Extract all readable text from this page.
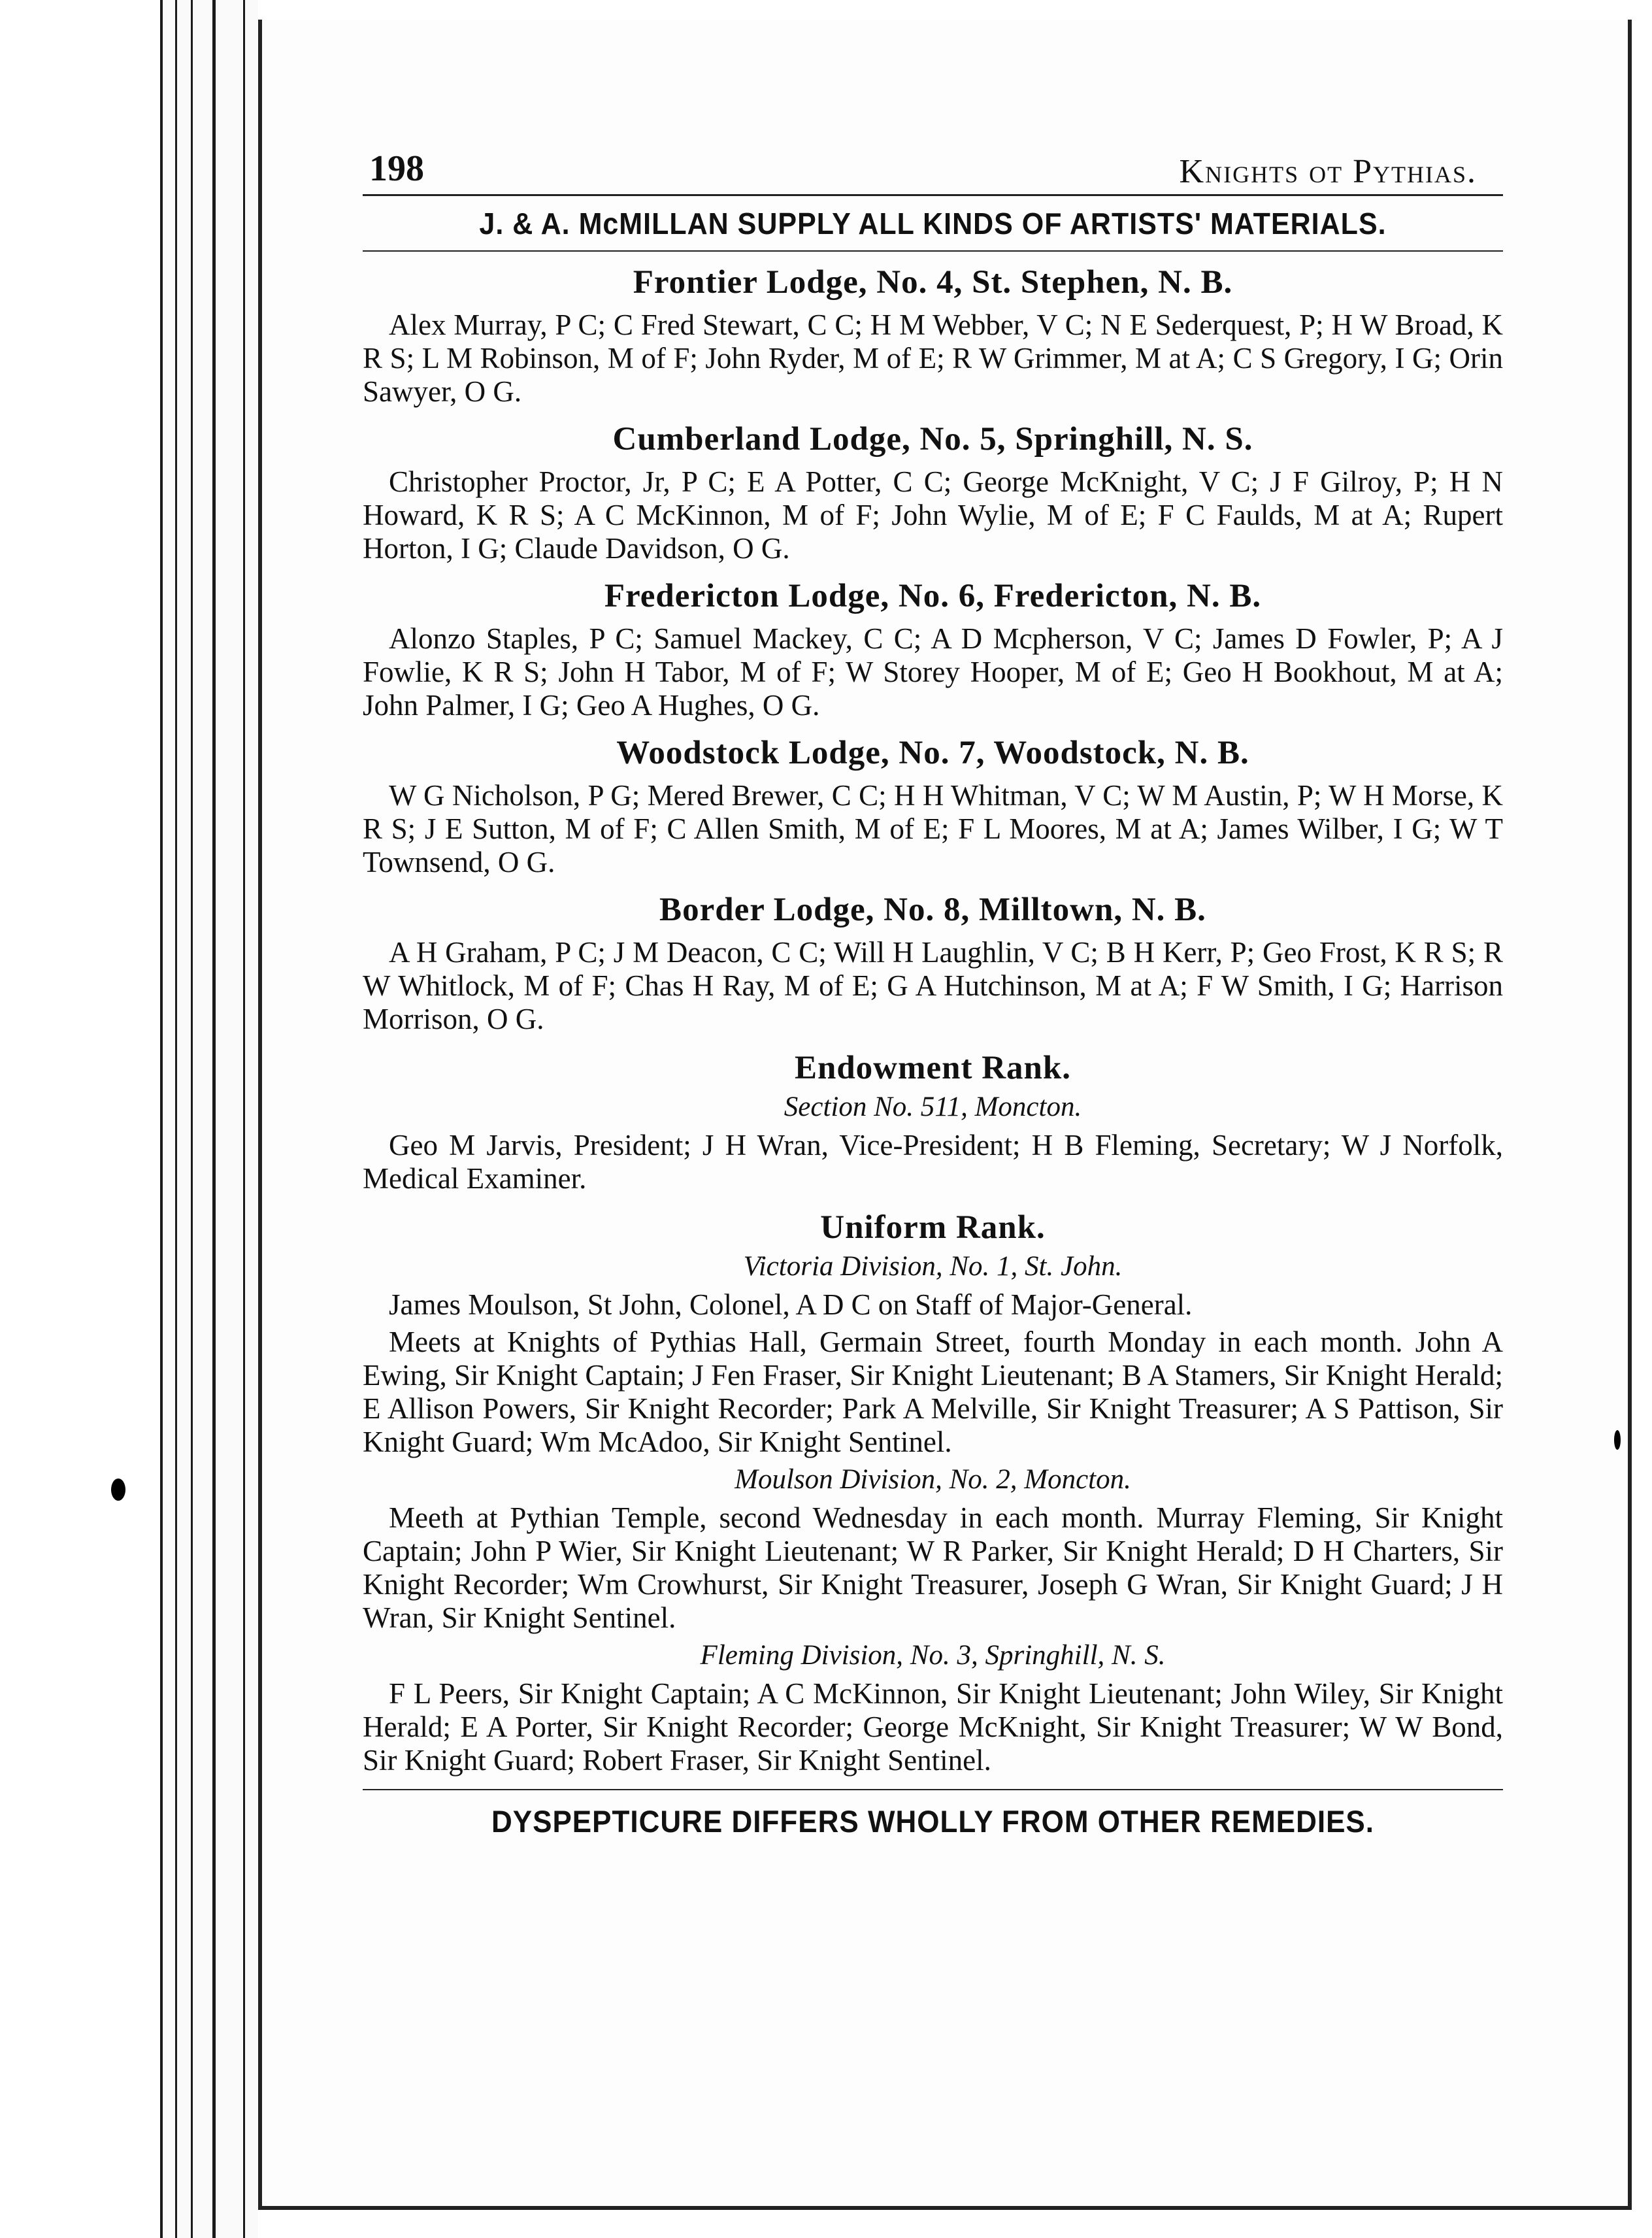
198	Knights ot Pythias.
J. & A. McMILLAN SUPPLY ALL KINDS OF ARTISTS' MATERIALS.
Frontier Lodge, No. 4, St. Stephen, N. B.

Alex Murray, P C; C Fred Stewart, C C; H M Webber, V C; N E Sederquest, P; H W Broad, K R S; L M Robinson, M of F; John Ryder, M of E; R W Grimmer, M at A; C S Gregory, I G; Orin Sawyer, O G.

Cumberland Lodge, No. 5, Springhill, N. S.

Christopher Proctor, Jr, P C; E A Potter, C C; George McKnight, V C; J F Gilroy, P; H N Howard, K R S; A C McKinnon, M of F; John Wylie, M of E; F C Faulds, M at A; Rupert Horton, I G; Claude Davidson, O G.

Fredericton Lodge, No. 6, Fredericton, N. B.

Alonzo Staples, P C; Samuel Mackey, C C; A D Mcpherson, V C; James D Fowler, P; A J Fowlie, K R S; John H Tabor, M of F; W Storey Hooper, M of E; Geo H Bookhout, M at A; John Palmer, I G; Geo A Hughes, O G.

Woodstock Lodge, No. 7, Woodstock, N. B.

W G Nicholson, P G; Mered Brewer, C C; H H Whitman, V C; W M Austin, P; W H Morse, K R S; J E Sutton, M of F; C Allen Smith, M of E; F L Moores, M at A; James Wilber, I G; W T Townsend, O G.

Border Lodge, No. 8, Milltown, N. B.

A H Graham, P C; J M Deacon, C C; Will H Laughlin, V C; B H Kerr, P; Geo Frost, K R S; R W Whitlock, M of F; Chas H Ray, M of E; G A Hutchinson, M at A; F W Smith, I G; Harrison Morrison, O G.

Endowment Rank.
Section No. 511, Moncton.

Geo M Jarvis, President; J H Wran, Vice-President; H B Fleming, Secretary; W J Norfolk, Medical Examiner.

Uniform Rank.
Victoria Division, No. 1, St. John.

James Moulson, St John, Colonel, A D C on Staff of Major-General.

Meets at Knights of Pythias Hall, Germain Street, fourth Monday in each month. John A Ewing, Sir Knight Captain; J Fen Fraser, Sir Knight Lieutenant; B A Stamers, Sir Knight Herald; E Allison Powers, Sir Knight Recorder; Park A Melville, Sir Knight Treasurer; A S Pattison, Sir Knight Guard; Wm McAdoo, Sir Knight Sentinel.

Moulson Division, No. 2, Moncton.

Meeth at Pythian Temple, second Wednesday in each month. Murray Fleming, Sir Knight Captain; John P Wier, Sir Knight Lieutenant; W R Parker, Sir Knight Herald; D H Charters, Sir Knight Recorder; Wm Crowhurst, Sir Knight Treasurer, Joseph G Wran, Sir Knight Guard; J H Wran, Sir Knight Sentinel.

Fleming Division, No. 3, Springhill, N. S.

F L Peers, Sir Knight Captain; A C McKinnon, Sir Knight Lieutenant; John Wiley, Sir Knight Herald; E A Porter, Sir Knight Recorder; George McKnight, Sir Knight Treasurer; W W Bond, Sir Knight Guard; Robert Fraser, Sir Knight Sentinel.

DYSPEPTICURE DIFFERS WHOLLY FROM OTHER REMEDIES.
